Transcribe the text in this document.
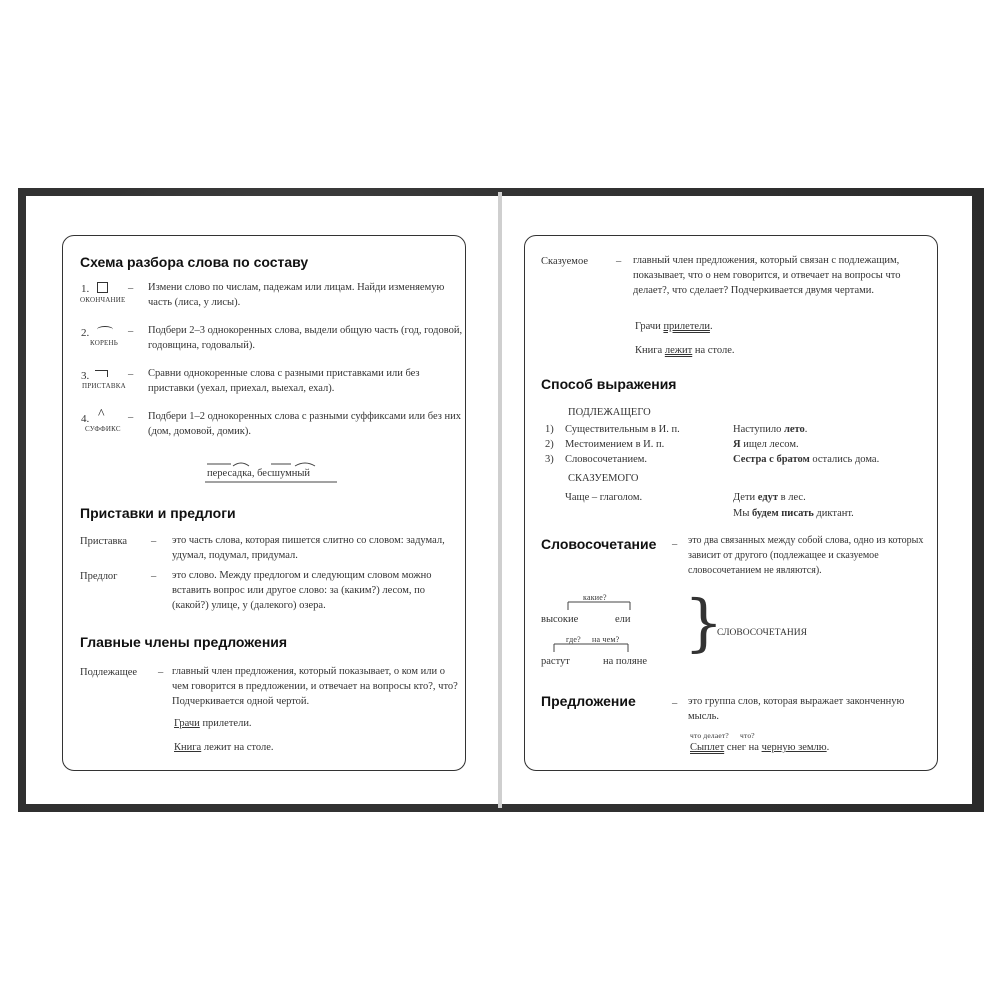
Схема разбора слова по составу
1.
ОКОНЧАНИЕ
– Измени слово по числам, падежам или лицам. Найди изменяемую часть (лиса, у лисы).
2.
КОРЕНЬ
– Подбери 2–3 однокоренных слова, выдели общую часть (год, годовой, годовщина, годовалый).
3.
ПРИСТАВКА
– Сравни однокоренные слова с разными приставками или без приставки (уехал, приехал, выехал, ехал).
4. ^
СУФФИКС
– Подбери 1–2 однокоренных слова с разными суффиксами или без них (дом, домовой, домик).
пересадка, бесшумный
Приставки и предлоги
Приставка – это часть слова, которая пишется слитно со словом: задумал, удумал, подумал, придумал.
Предлог	– это слово. Между предлогом и следующим словом можно вставить вопрос или другое слово: за (каким?) лесом, по (какой?) улице, у (далекого) озера.
Главные члены предложения
Подлежащее – главный член предложения, который показывает, о ком или о чем говорится в предложении, и отвечает на вопросы кто?, что? Подчеркивается одной чертой.
Грачи прилетели.
Книга лежит на столе.
Сказуемое	– главный член предложения, который связан с подлежащим, показывает, что о нем говорится, и отвечает на вопросы что делает?, что сделает? Подчеркивается двумя чертами.
Грачи прилетели.
Книга лежит на столе.
Способ выражения
ПОДЛЕЖАЩЕГО
1) Существительным в И. п.	Наступило лето.
2) Местоимением в И. п.	Я ищел лесом.
3) Словосочетанием.	Сестра с братом остались дома.
СКАЗУЕМОГО
Чаще – глаголом.	Дети едут в лес.
Мы будем писать диктант.
Словосочетание – это два связанных между собой слова, одно из которых зависит от другого (подлежащее и сказуемое словосочетанием не являются).
какие?
высокие	ели
где? на чем?
растут	на поляне
}
СЛОВОСОЧЕТАНИЯ
Предложение	– это группа слов, которая выражает законченную мысль.
что делает? что?
Сыплет снег на черную землю.
